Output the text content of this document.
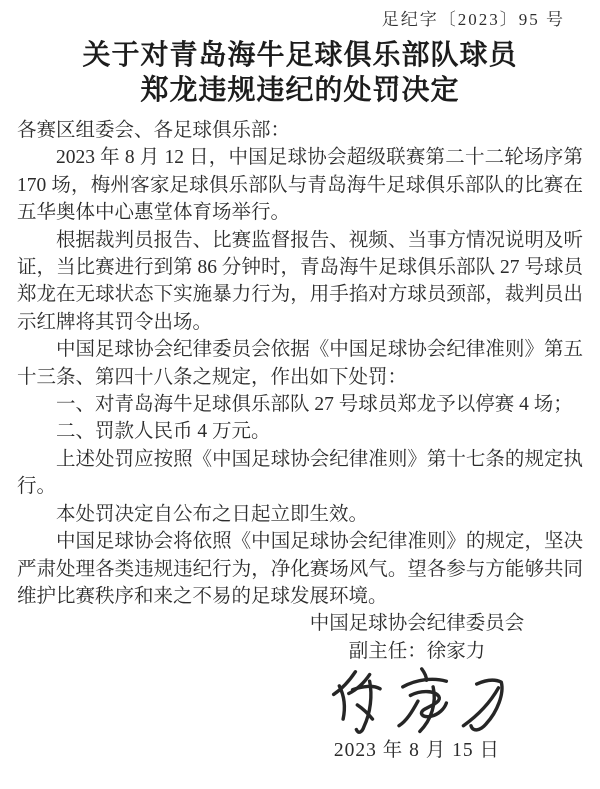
足纪字〔2023〕95 号
关于对青岛海牛足球俱乐部队球员
郑龙违规违纪的处罚决定

各赛区组委会、各足球俱乐部：

2023 年 8 月 12 日，中国足球协会超级联赛第二十二轮场序第 170 场，梅州客家足球俱乐部队与青岛海牛足球俱乐部队的比赛在五华奥体中心惠堂体育场举行。

根据裁判员报告、比赛监督报告、视频、当事方情况说明及听证，当比赛进行到第 86 分钟时，青岛海牛足球俱乐部队 27 号球员郑龙在无球状态下实施暴力行为，用手掐对方球员颈部，裁判员出示红牌将其罚令出场。

中国足球协会纪律委员会依据《中国足球协会纪律准则》第五十三条、第四十八条之规定，作出如下处罚：

一、对青岛海牛足球俱乐部队 27 号球员郑龙予以停赛 4 场；

二、罚款人民币 4 万元。

上述处罚应按照《中国足球协会纪律准则》第十七条的规定执行。

本处罚决定自公布之日起立即生效。

中国足球协会将依照《中国足球协会纪律准则》的规定，坚决严肃处理各类违规违纪行为，净化赛场风气。望各参与方能够共同维护比赛秩序和来之不易的足球发展环境。

中国足球协会纪律委员会
副主任：徐家力
2023 年 8 月 15 日
